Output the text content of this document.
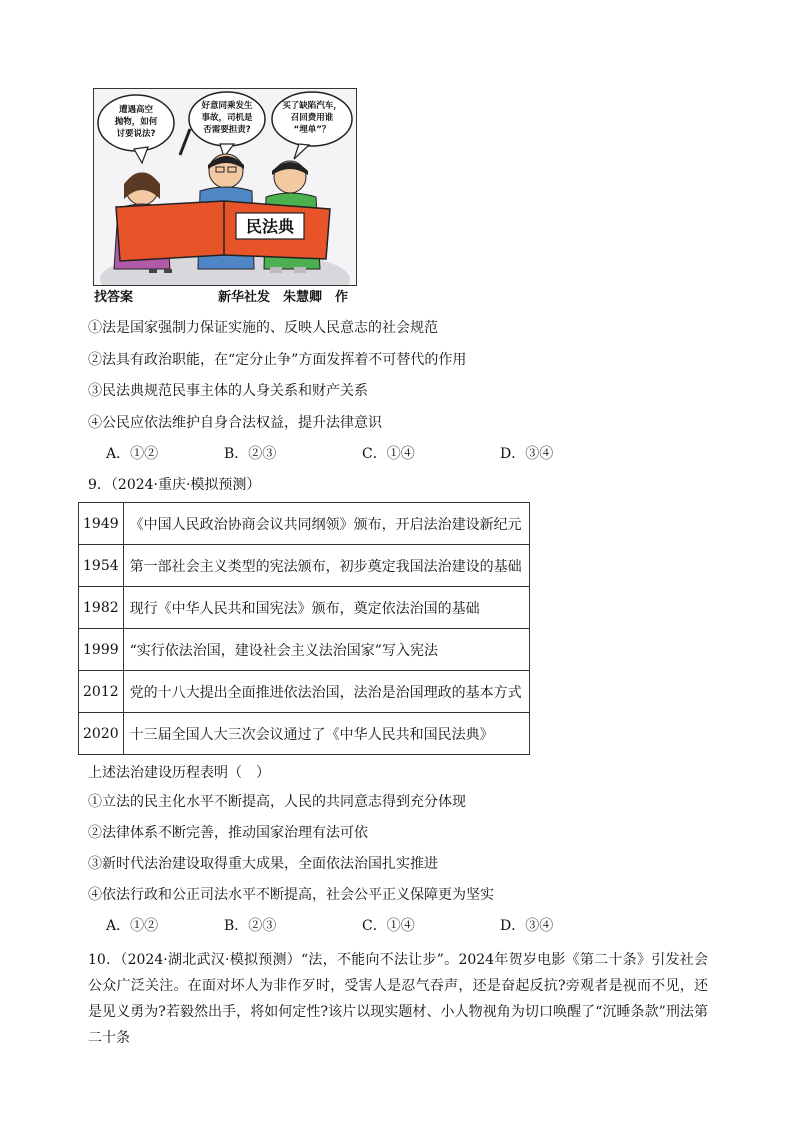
遭遇高空
抛物，如何
讨要说法?
好意同乘发生
事故，司机是
否需要担责?
买了缺陷汽车，
召回费用谁
“埋单”？
民法典
找答案	新华社发　朱慧卿　作
①法是国家强制力保证实施的、反映人民意志的社会规范
②法具有政治职能，在“定分止争”方面发挥着不可替代的作用
③民法典规范民事主体的人身关系和财产关系
④公民应依法维护自身合法权益，提升法律意识
A．①②	B．②③	C．①④	D．③④
9．（2024·重庆·模拟预测）
1949	《中国人民政治协商会议共同纲领》颁布，开启法治建设新纪元
1954	第一部社会主义类型的宪法颁布，初步奠定我国法治建设的基础
1982	现行《中华人民共和国宪法》颁布，奠定依法治国的基础
1999	“实行依法治国，建设社会主义法治国家”写入宪法
2012	党的十八大提出全面推进依法治国，法治是治国理政的基本方式
2020	十三届全国人大三次会议通过了《中华人民共和国民法典》
上述法治建设历程表明（　）
①立法的民主化水平不断提高，人民的共同意志得到充分体现
②法律体系不断完善，推动国家治理有法可依
③新时代法治建设取得重大成果，全面依法治国扎实推进
④依法行政和公正司法水平不断提高，社会公平正义保障更为坚实
A．①②	B．②③	C．①④	D．③④
10．（2024·湖北武汉·模拟预测）“法，不能向不法让步”。2024年贺岁电影《第二十条》引发社会公众广泛关注。在面对坏人为非作歹时，受害人是忍气吞声，还是奋起反抗?旁观者是视而不见，还是见义勇为?若毅然出手，将如何定性?该片以现实题材、小人物视角为切口唤醒了“沉睡条款”刑法第二十条
